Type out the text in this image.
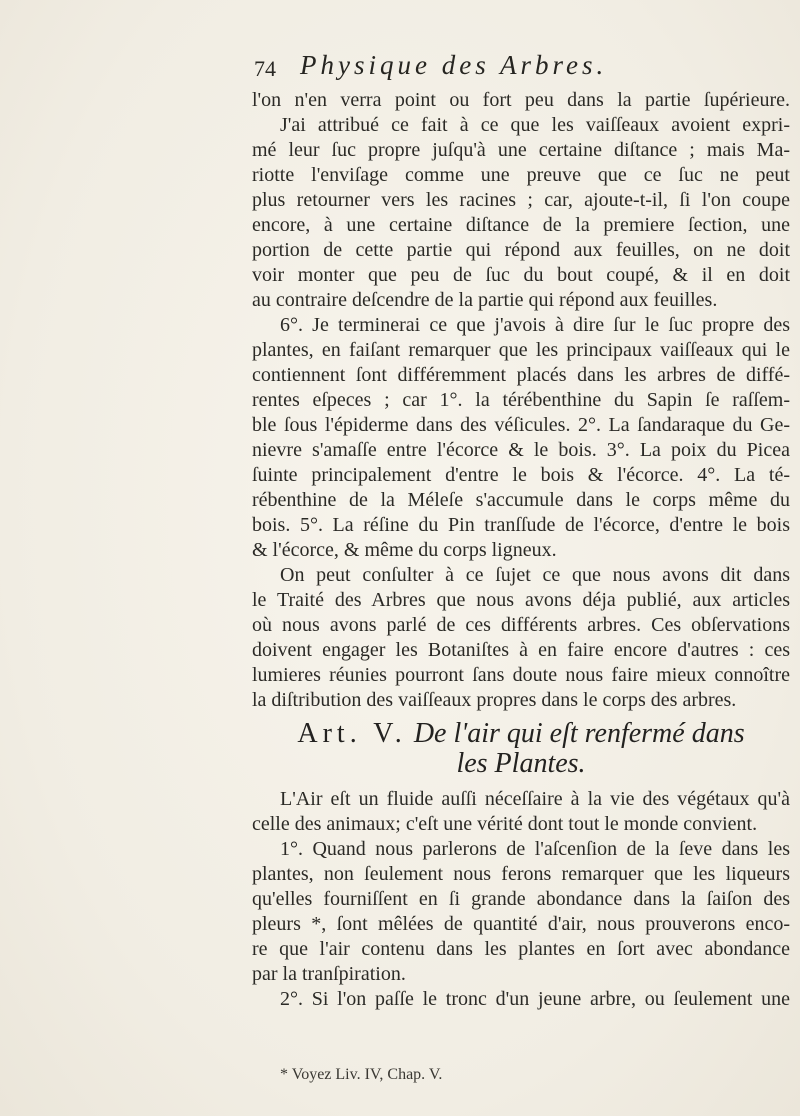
74 Physique des Arbres.
l'on n'en verra point ou fort peu dans la partie ſupérieure.
J'ai attribué ce fait à ce que les vaiſſeaux avoient expri-
mé leur ſuc propre juſqu'à une certaine diſtance ; mais Ma-
riotte l'enviſage comme une preuve que ce ſuc ne peut
plus retourner vers les racines ; car, ajoute-t-il, ſi l'on coupe
encore, à une certaine diſtance de la premiere ſection, une
portion de cette partie qui répond aux feuilles, on ne doit
voir monter que peu de ſuc du bout coupé, & il en doit
au contraire deſcendre de la partie qui répond aux feuilles.
6°. Je terminerai ce que j'avois à dire ſur le ſuc propre des
plantes, en faiſant remarquer que les principaux vaiſſeaux qui le
contiennent ſont différemment placés dans les arbres de diffé-
rentes eſpeces ; car 1°. la térébenthine du Sapin ſe raſſem-
ble ſous l'épiderme dans des véſicules. 2°. La ſandaraque du Ge-
nievre s'amaſſe entre l'écorce & le bois. 3°. La poix du Picea
ſuinte principalement d'entre le bois & l'écorce. 4°. La té-
rébenthine de la Méleſe s'accumule dans le corps même du
bois. 5°. La réſine du Pin tranſſude de l'écorce, d'entre le bois
& l'écorce, & même du corps ligneux.
On peut conſulter à ce ſujet ce que nous avons dit dans
le Traité des Arbres que nous avons déja publié, aux articles
où nous avons parlé de ces différents arbres. Ces obſervations
doivent engager les Botaniſtes à en faire encore d'autres : ces
lumieres réunies pourront ſans doute nous faire mieux connoître
la diſtribution des vaiſſeaux propres dans le corps des arbres.
Art. V. De l'air qui eſt renfermé dans
les Plantes.
L'Air eſt un fluide auſſi néceſſaire à la vie des végétaux qu'à
celle des animaux; c'eſt une vérité dont tout le monde convient.
1°. Quand nous parlerons de l'aſcenſion de la ſeve dans les
plantes, non ſeulement nous ferons remarquer que les liqueurs
qu'elles fourniſſent en ſi grande abondance dans la ſaiſon des
pleurs *, ſont mêlées de quantité d'air, nous prouverons enco-
re que l'air contenu dans les plantes en ſort avec abondance
par la tranſpiration.
2°. Si l'on paſſe le tronc d'un jeune arbre, ou ſeulement une
* Voyez Liv. IV, Chap. V.
